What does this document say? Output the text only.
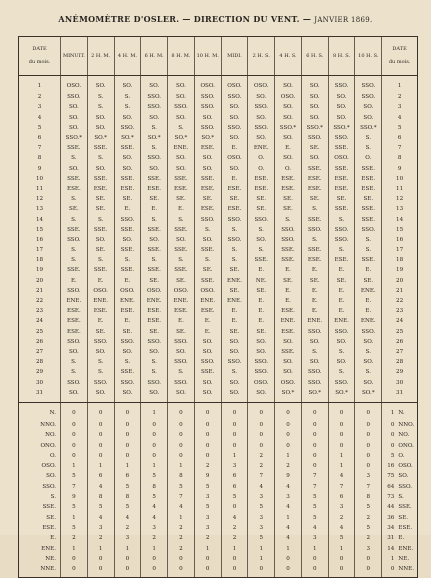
ANÉMOMÈTRE D'OSLER. — DIRECTION DU VENT. — JANVIER 1869.
DATE
du mois.	MINUIT.	2 H. M.	4 H. M.	6 H. M.	8 H. M.	10 H. M.	MIDI.	2 H. S.	4 H. S.	6 H. S.	8 H. S.	10 H. S.	DATE
du mois.	

1	OSO.	SO.	SO.	SO.	SO.	OSO.	OSO.	OSO.	SO.	SO.	SSO.	SSO.	1	
2	SSO.	S.	S.	SSO.	SO.	SSO.	SSO.	SO.	OSO.	SO.	SO.	SSO.	2	
3	SO.	S.	S.	SSO.	SSO.	SSO.	SO.	SSO.	SO.	SO.	SO.	SO.	3	
4	SO.	SO.	SO.	SO.	SO.	SO.	SO.	SO.	SO.	SO.	SO.	SO.	4	
5	SO.	SO.	SSO.	S.	S.	SSO.	SSO.	SSO.	SSO.*	SSO.*	SSO.*	SSO.*	5	
6	SSO.*	SO.*	SO.*	SO.*	SO.*	SO.*	SO.	SO.	SO.	SSO.	SSO.	S.	6	
7	SSE.	SSE.	SSE.	S.	ENE.	ESE.	E.	ENE.	E.	SE.	SSE.	S.	7	
8	S.	S.	SO.	SSO.	SO.	SO.	OSO.	O.	SO.	SO.	OSO.	O.	8	
9	SO.	SO.	SO.	SO.	SO.	SO.	SO.	O.	O.	SSE.	SSE.	SSE.	9	
10	SSE.	SSE.	SSE.	SSE.	SSE.	SSE.	E.	ESE.	ESE.	ESE.	ESE.	ESE.	10	
11	ESE.	ESE.	ESE.	ESE.	ESE.	ESE.	ESE.	ESE.	ESE.	ESE.	ESE.	ESE.	11	
12	S.	SE.	SE.	SE.	SE.	SE.	SE.	SE.	SE.	SE.	SE.	SE.	12	
13	SE.	SE.	E.	E.	E.	ESE.	ESE.	SE.	SE.	S.	SSE.	SSE.	13	
14	S.	S.	SSO.	S.	S.	SSO.	SSO.	SSO.	S.	SSE.	S.	SSE.	14	
15	SSE.	SSE.	SSE.	SSE.	SSE.	S.	S.	S.	SSO.	SSO.	SSO.	SSO.	15	
16	SSO.	SO.	SO.	SO.	SO.	SO.	SSO.	SO.	SSO.	S.	SSO.	S.	16	
17	S.	SE.	SSE.	SSE.	SSE.	SSE.	S.	S.	SSE.	SSE.	S.	S.	17	
18	S.	S.	S.	S.	S.	S.	S.	SSE.	SSE.	ESE.	ESE.	SSE.	18	
19	SSE.	SSE.	SSE.	SSE.	SSE.	SE.	SE.	E.	E.	E.	E.	E.	19	
20	E.	E.	E.	SE.	SE.	SSE.	ENE.	NE.	SE.	SE.	SE.	SE.	20	
21	SSO.	OSO.	OSO.	OSO.	OSO.	OSO.	SE.	SE.	E.	E.	E.	ENE.	21	
22	ENE.	ENE.	ENE.	ENE.	ENE.	ENE.	ENE.	E.	E.	E.	E.	E.	22	
23	ESE.	ESE.	ESE.	ESE.	ESE.	ESE.	E.	E.	ESE.	E.	E.	E.	23	
24	ESE.	E.	E.	ESE.	E.	E.	E.	E.	ENE.	ENE.	ENE.	ENE.	24	
25	ESE.	SE.	SE.	SE.	SE.	E.	SE.	SE.	ESE.	SSO.	SSO.	SSO.	25	
26	SSO.	SSO.	SSO.	SSO.	SSO.	SO.	SO.	SO.	SO.	SO.	SO.	SO.	26	
27	SO.	SO.	SO.	SO.	SO.	SO.	SO.	SO.	SSE.	S.	S.	S.	27	
28	S.	S.	S.	S.	SSO.	SSO.	SSO.	SSO.	SO.	SO.	SO.	SO.	28	
29	S.	S.	SSE.	S.	S.	SSE.	S.	SSO.	SO.	SSO.	S.	S.	29	
30	SSO.	SSO.	SSO.	SSO.	SSO.	SO.	SO.	OSO.	OSO.	SSO.	SSO.	SO.	30	
31	SO.	SO.	SO.	SO.	SO.	SO.	SO.	SO.	SO.*	SO.*	SO.*	SO.*	31	
N.	0	0	0	1	0	0	0	0	0	0	0	0	1	N.
NNO.	0	0	0	0	0	0	0	0	0	0	0	0	0	NNO.
NO.	0	0	0	0	0	0	0	0	0	0	0	0	0	NO.
ONO.	0	0	0	0	0	0	0	0	0	0	0	0	0	ONO.
O.	0	0	0	0	0	0	1	2	1	0	1	0	5	O.
OSO.	1	1	1	1	1	2	3	2	2	0	1	0	16	OSO.
SO.	5	6	6	5	8	9	6	7	9	7	4	3	75	SO.
SSO.	7	4	5	8	5	5	6	4	4	7	7	7	64	SSO.
S.	9	8	8	5	7	3	5	3	3	5	6	8	73	S.
SSE.	5	5	5	4	4	5	0	5	4	5	3	5	44	SSE.
SE.	1	4	4	4	1	3	4	3	1	5	2	2	36	SE.
ESE.	5	3	2	3	2	3	2	3	4	4	4	5	34	ESE.
E.	2	2	3	2	2	2	2	5	4	3	5	2	31	E.
ENE.	1	1	1	1	2	1	1	1	1	1	1	3	14	ENE.
NE.	0	0	0	0	0	0	0	1	0	0	0	0	1	NE.
NNE.	0	0	0	0	0	0	0	0	0	0	0	0	0	NNE.
